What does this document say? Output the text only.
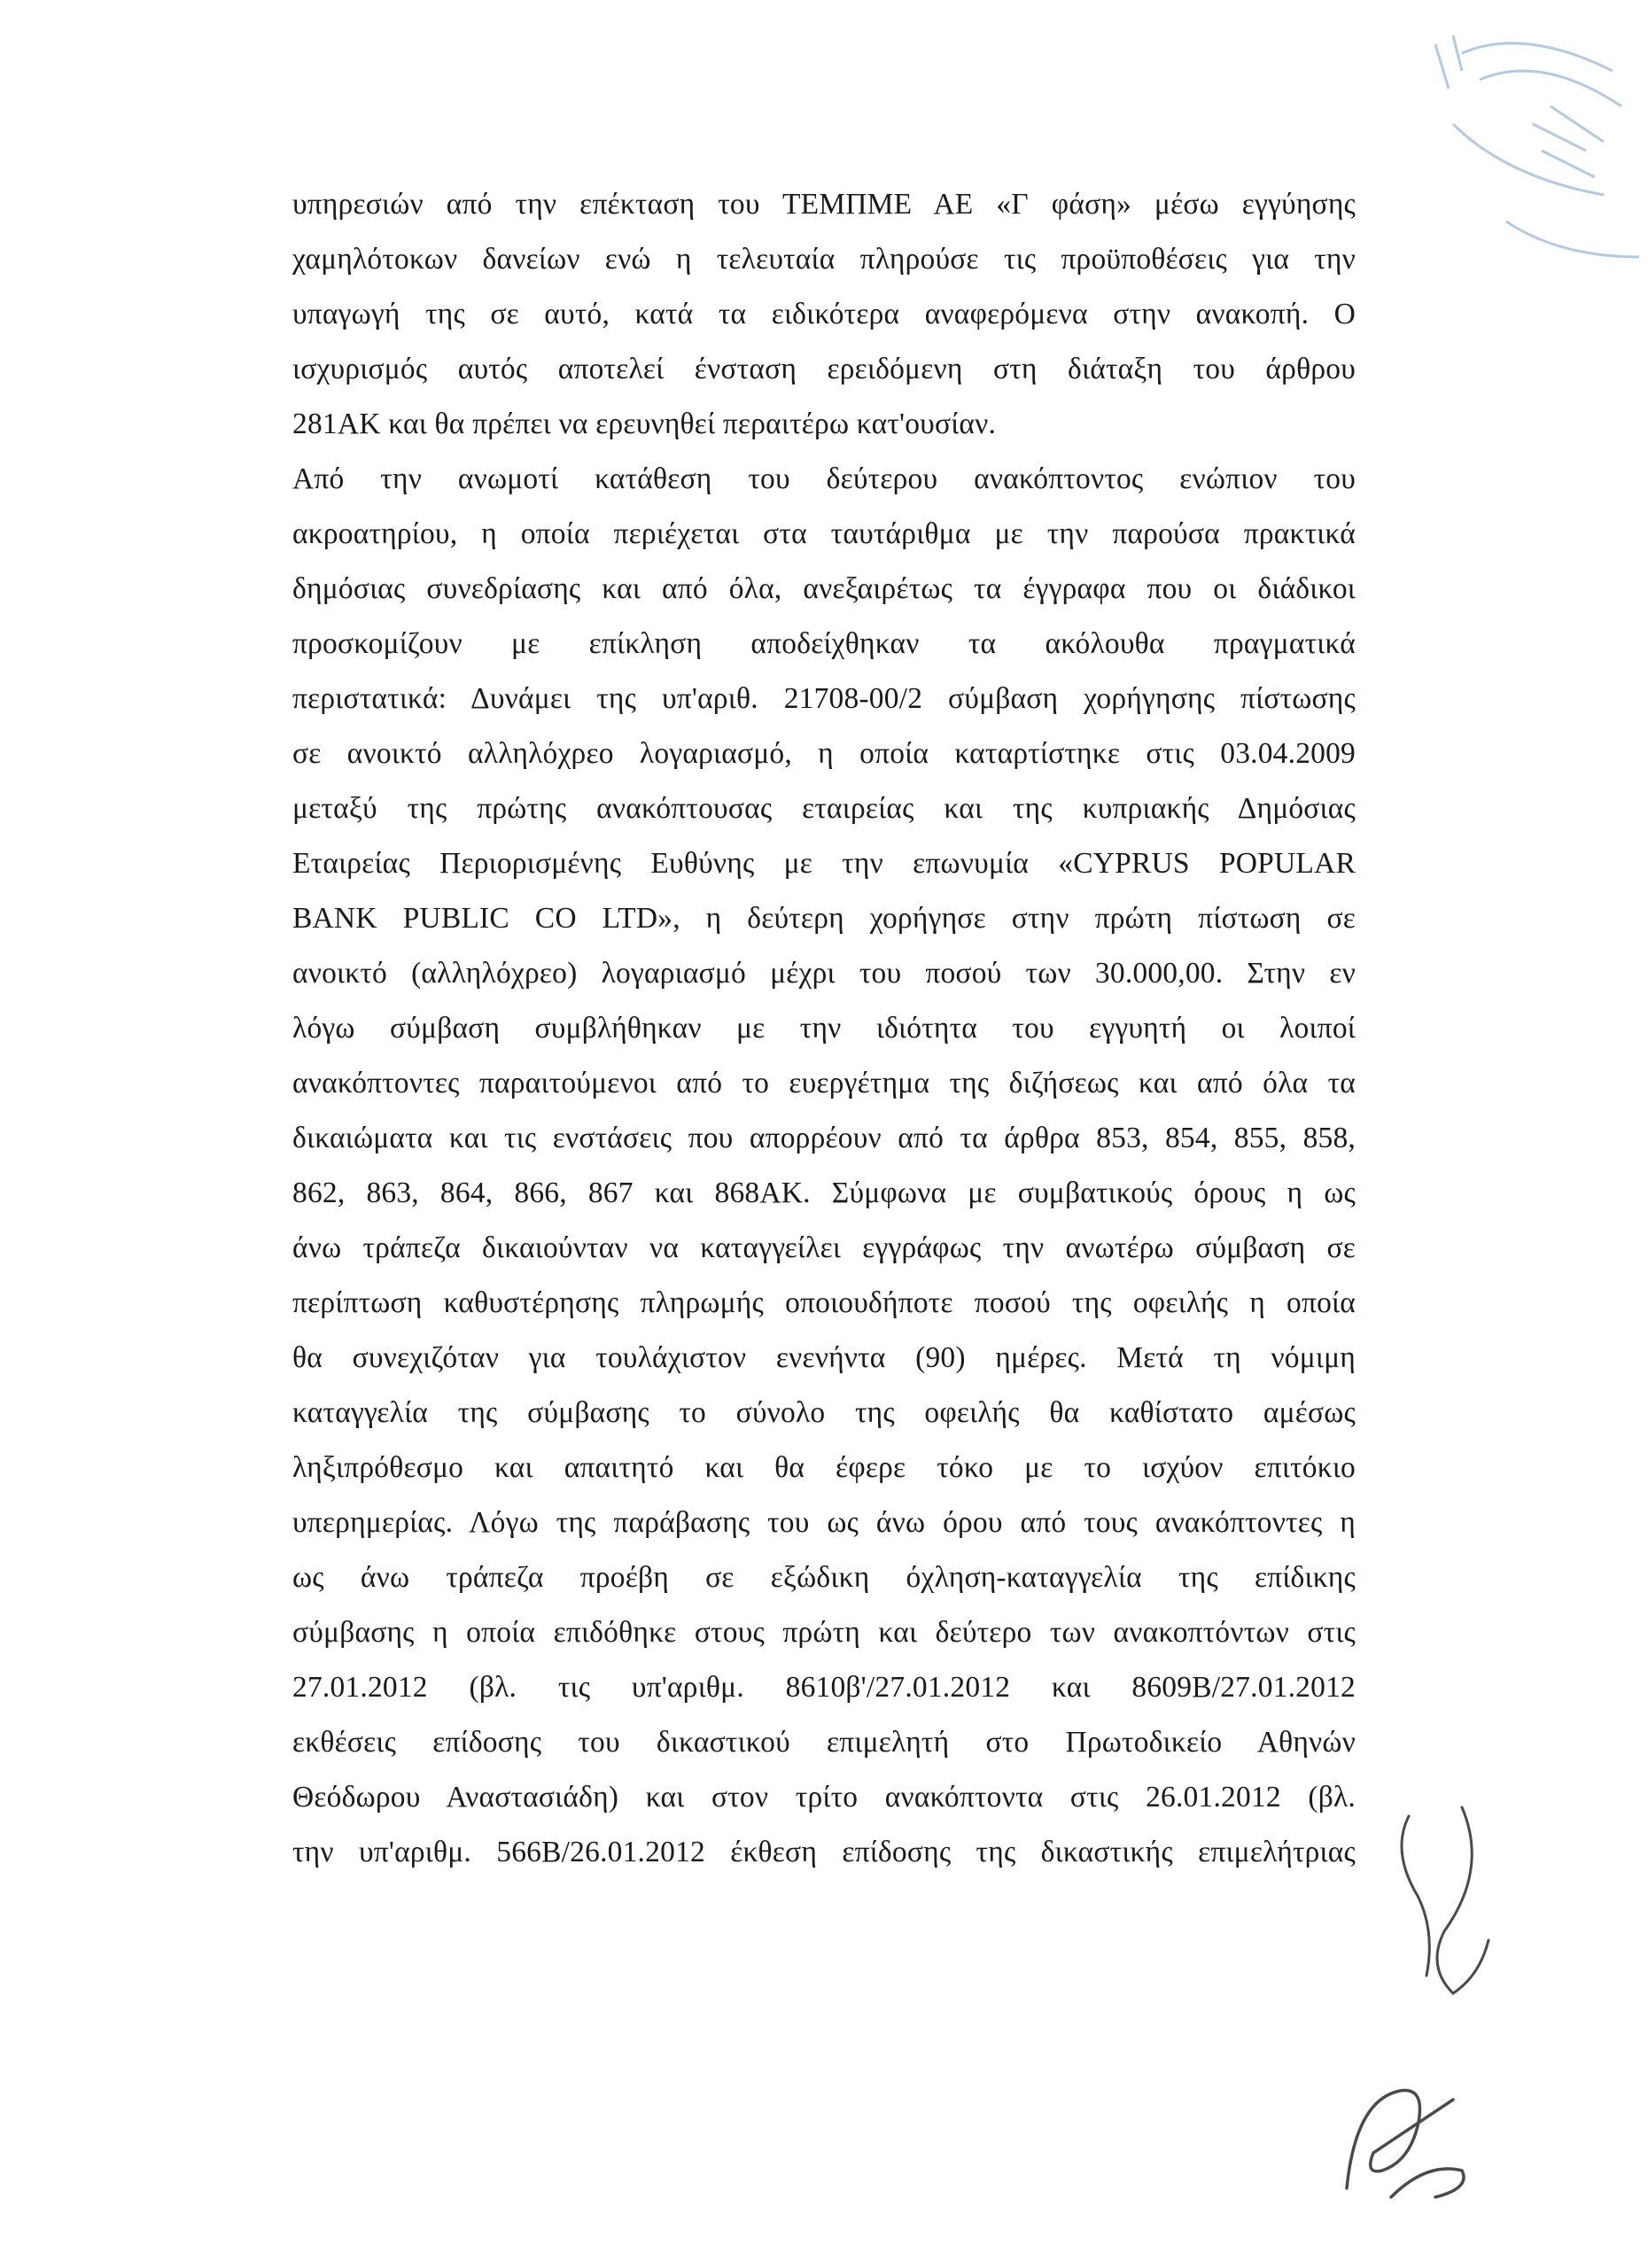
υπηρεσιών από την επέκταση του ΤΕΜΠΜΕ ΑΕ «Γ φάση» μέσω εγγύησης
χαμηλότοκων δανείων ενώ η τελευταία πληρούσε τις προϋποθέσεις για την
υπαγωγή της σε αυτό, κατά τα ειδικότερα αναφερόμενα στην ανακοπή. Ο
ισχυρισμός αυτός αποτελεί ένσταση ερειδόμενη στη διάταξη του άρθρου
281ΑΚ και θα πρέπει να ερευνηθεί περαιτέρω κατ'ουσίαν.
Από την ανωμοτί κατάθεση του δεύτερου ανακόπτοντος ενώπιον του
ακροατηρίου, η οποία περιέχεται στα ταυτάριθμα με την παρούσα πρακτικά
δημόσιας συνεδρίασης και από όλα, ανεξαιρέτως τα έγγραφα που οι διάδικοι
προσκομίζουν με επίκληση αποδείχθηκαν τα ακόλουθα πραγματικά
περιστατικά: Δυνάμει της υπ'αριθ. 21708-00/2 σύμβαση χορήγησης πίστωσης
σε ανοικτό αλληλόχρεο λογαριασμό, η οποία καταρτίστηκε στις 03.04.2009
μεταξύ της πρώτης ανακόπτουσας εταιρείας και της κυπριακής Δημόσιας
Εταιρείας Περιορισμένης Ευθύνης με την επωνυμία «CYPRUS POPULAR
BANK PUBLIC CO LTD», η δεύτερη χορήγησε στην πρώτη πίστωση σε
ανοικτό (αλληλόχρεο) λογαριασμό μέχρι του ποσού των 30.000,00. Στην εν
λόγω σύμβαση συμβλήθηκαν με την ιδιότητα του εγγυητή οι λοιποί
ανακόπτοντες παραιτούμενοι από το ευεργέτημα της διζήσεως και από όλα τα
δικαιώματα και τις ενστάσεις που απορρέουν από τα άρθρα 853, 854, 855, 858,
862, 863, 864, 866, 867 και 868ΑΚ. Σύμφωνα με συμβατικούς όρους η ως
άνω τράπεζα δικαιούνταν να καταγγείλει εγγράφως την ανωτέρω σύμβαση σε
περίπτωση καθυστέρησης πληρωμής οποιουδήποτε ποσού της οφειλής η οποία
θα συνεχιζόταν για τουλάχιστον ενενήντα (90) ημέρες. Μετά τη νόμιμη
καταγγελία της σύμβασης το σύνολο της οφειλής θα καθίστατο αμέσως
ληξιπρόθεσμο και απαιτητό και θα έφερε τόκο με το ισχύον επιτόκιο
υπερημερίας. Λόγω της παράβασης του ως άνω όρου από τους ανακόπτοντες η
ως άνω τράπεζα προέβη σε εξώδικη όχληση-καταγγελία της επίδικης
σύμβασης η οποία επιδόθηκε στους πρώτη και δεύτερο των ανακοπτόντων στις
27.01.2012 (βλ. τις υπ'αριθμ. 8610β'/27.01.2012 και 8609Β/27.01.2012
εκθέσεις επίδοσης του δικαστικού επιμελητή στο Πρωτοδικείο Αθηνών
Θεόδωρου Αναστασιάδη) και στον τρίτο ανακόπτοντα στις 26.01.2012 (βλ.
την υπ'αριθμ. 566Β/26.01.2012 έκθεση επίδοσης της δικαστικής επιμελήτριας
